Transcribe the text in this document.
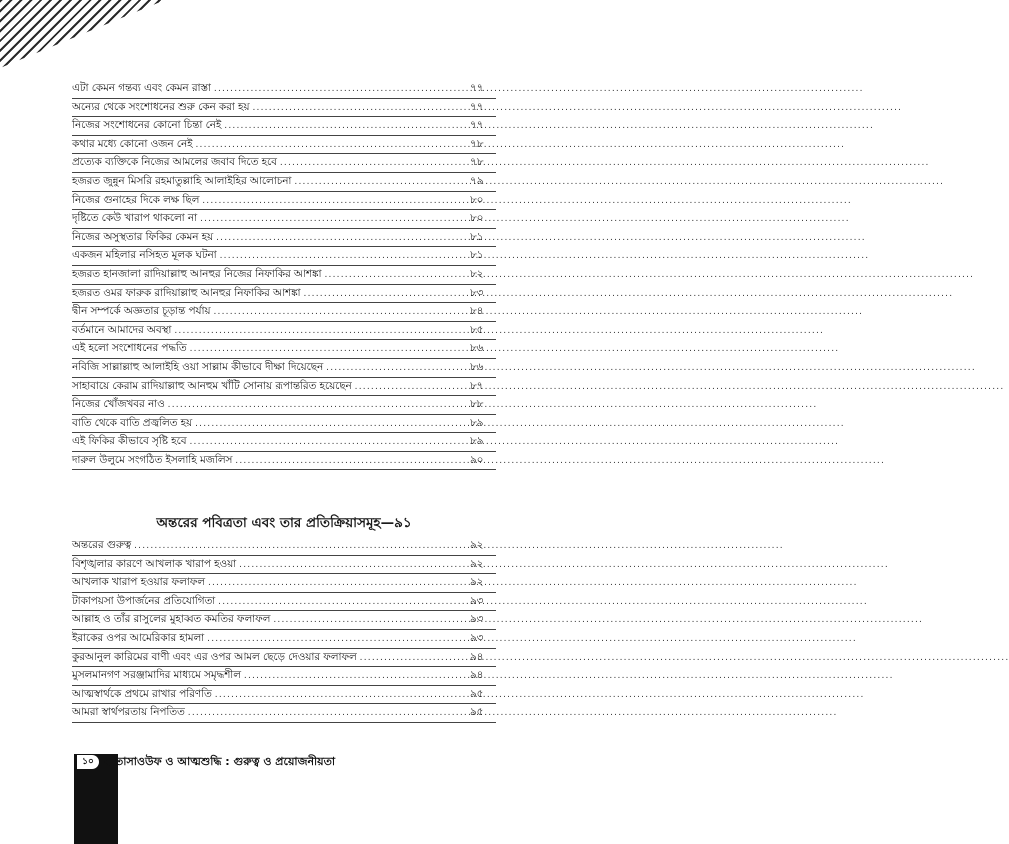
এটা কেমন গন্তব্য এবং কেমন রাস্তা .....	৭৭
অন্যের থেকে সংশোধনের শুরু কেন করা হয় .....	৭৭
নিজের সংশোধনের কোনো চিন্তা নেই .....	৭৭
কথার মধ্যে কোনো ওজন নেই .....	৭৮
প্রত্যেক ব্যক্তিকে নিজের আমলের জবাব দিতে হবে .....	৭৮
হজরত জুন্নুন মিসরি রহমাতুল্লাহি আলাইহির আলোচনা .....	৭৯
নিজের গুনাহের দিকে লক্ষ ছিল .....	৮০
দৃষ্টিতে কেউ খারাপ থাকলো না .....	৮০
নিজের অসুস্থতার ফিকির কেমন হয় .....	৮১
একজন মহিলার নসিহত মূলক ঘটনা .....	৮১
হজরত হানজালা রাদিয়াল্লাহু আনহুর নিজের নিফাকির আশঙ্কা .....	৮২
হজরত ওমর ফারুক রাদিয়াল্লাহু আনহুর নিফাকির আশঙ্কা .....	৮৩
দ্বীন সম্পর্কে অজ্ঞতার চূড়ান্ত পর্যায় .....	৮৪
বর্তমানে আমাদের অবস্থা .....	৮৫
এই হলো সংশোধনের পদ্ধতি .....	৮৬
নবিজি সাল্লাল্লাহু আলাইহি ওয়া সাল্লাম কীভাবে দীক্ষা দিয়েছেন .....	৮৬
সাহাবায়ে কেরাম রাদিয়াল্লাহু আনহুম খাঁটি সোনায় রূপান্তরিত হয়েছেন .....	৮৭
নিজের খোঁজখবর নাও .....	৮৮
বাতি থেকে বাতি প্রজ্বলিত হয় .....	৮৯
এই ফিকির কীভাবে সৃষ্টি হবে .....	৮৯
দারুল উলুমে সংগঠিত ইসলাহি মজলিস .....	৯০
অন্তরের পবিত্রতা এবং তার প্রতিক্রিয়াসমূহ—৯১
অন্তরের গুরুত্ব .....	৯২
বিশৃঙ্খলার কারণে আখলাক খারাপ হওয়া .....	৯২
আখলাক খারাপ হওয়ার ফলাফল .....	৯২
টাকাপয়সা উপার্জনের প্রতিযোগিতা .....	৯৩
আল্লাহ ও তাঁর রাসুলের মুহাব্বত কমতির ফলাফল .....	৯৩
ইরাকের ওপর আমেরিকার হামলা .....	৯৩
কুরআনুল কারিমের বাণী এবং এর ওপর আমল ছেড়ে দেওয়ার ফলাফল .....	৯৪
মুসলমানগণ সরঞ্জামাদির মাধ্যমে সমৃদ্ধশীল .....	৯৪
আত্মস্বার্থকে প্রথমে রাখার পরিণতি .....	৯৫
আমরা স্বার্থপরতায় নিপতিত .....	৯৫
১০	তাসাওউফ ও আত্মশুদ্ধি : গুরুত্ব ও প্রয়োজনীয়তা
